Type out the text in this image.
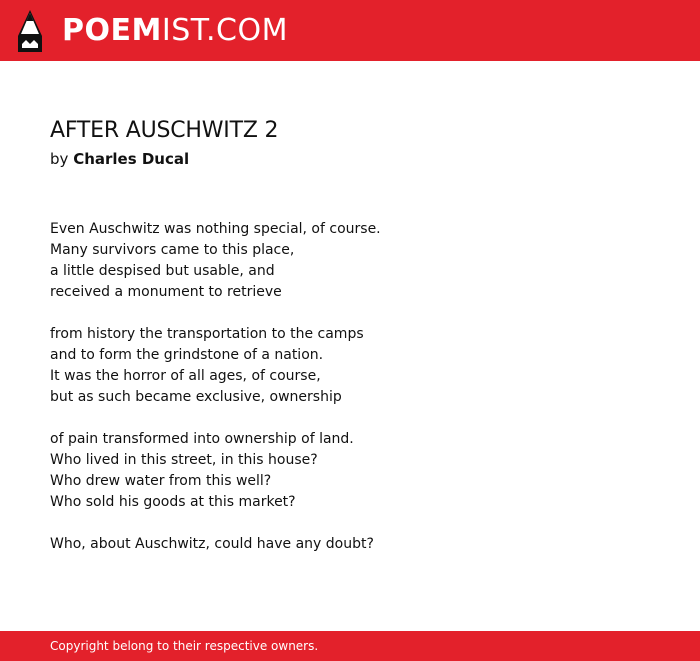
POEMIST.COM
AFTER AUSCHWITZ 2
by Charles Ducal
Even Auschwitz was nothing special, of course.
Many survivors came to this place,
a little despised but usable, and
received a monument to retrieve
from history the transportation to the camps
and to form the grindstone of a nation.
It was the horror of all ages, of course,
but as such became exclusive, ownership
of pain transformed into ownership of land.
Who lived in this street, in this house?
Who drew water from this well?
Who sold his goods at this market?
Who, about Auschwitz, could have any doubt?
Copyright belong to their respective owners.
